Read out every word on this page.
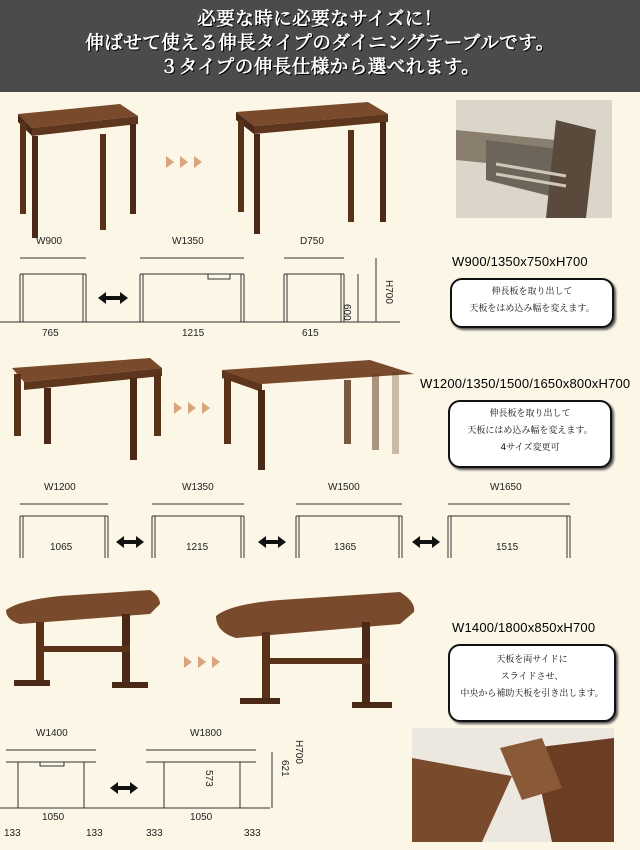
必要な時に必要なサイズに！
伸ばせて使える伸長タイプのダイニングテーブルです。
３タイプの伸長仕様から選べれます。
W900/1350x750xH700
伸長板を取り出して
天板をはめ込み幅を変えます。
W900	W1350	D750
765	1215	615
600
H700
W1200/1350/1500/1650x800xH700
伸長板を取り出して
天板にはめ込み幅を変えます。
4サイズ変更可
W1200	W1350	W1500	W1650
1065	1215	1365	1515
W1400/1800x850xH700
天板を両サイドに
スライドさせ、
中央から補助天板を引き出します。
W1400	W1800
1050	1050
133	133	333	333
573
621
H700
